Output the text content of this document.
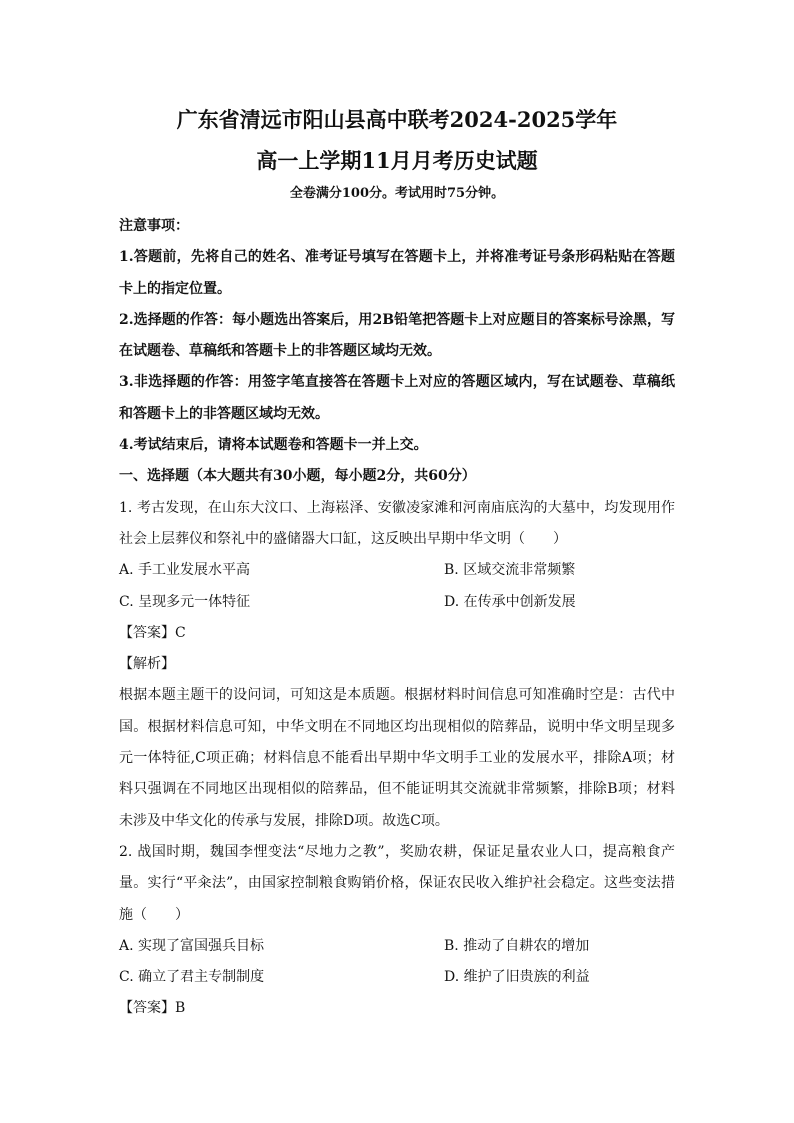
广东省清远市阳山县高中联考2024-2025学年

高一上学期11月月考历史试题

全卷满分100分。考试用时75分钟。

注意事项：

1.答题前，先将自己的姓名、准考证号填写在答题卡上，并将准考证号条形码粘贴在答题卡上的指定位置。

2.选择题的作答：每小题选出答案后，用2B铅笔把答题卡上对应题目的答案标号涂黑，写在试题卷、草稿纸和答题卡上的非答题区域均无效。

3.非选择题的作答：用签字笔直接答在答题卡上对应的答题区域内，写在试题卷、草稿纸和答题卡上的非答题区域均无效。

4.考试结束后，请将本试题卷和答题卡一并上交。

一、选择题（本大题共有30小题，每小题2分，共60分）

1. 考古发现，在山东大汶口、上海崧泽、安徽凌家滩和河南庙底沟的大墓中，均发现用作社会上层葬仪和祭礼中的盛储器大口缸，这反映出早期中华文明（　　）

A. 手工业发展水平高	B. 区域交流非常频繁
C. 呈现多元一体特征	D. 在传承中创新发展

【答案】C

【解析】

根据本题主题干的设问词，可知这是本质题。根据材料时间信息可知准确时空是：古代中国。根据材料信息可知，中华文明在不同地区均出现相似的陪葬品，说明中华文明呈现多元一体特征,C项正确；材料信息不能看出早期中华文明手工业的发展水平，排除A项；材料只强调在不同地区出现相似的陪葬品，但不能证明其交流就非常频繁，排除B项；材料未涉及中华文化的传承与发展，排除D项。故选C项。

2. 战国时期，魏国李悝变法“尽地力之教”，奖励农耕，保证足量农业人口，提高粮食产量。实行“平籴法”，由国家控制粮食购销价格，保证农民收入维护社会稳定。这些变法措施（　　）

A. 实现了富国强兵目标	B. 推动了自耕农的增加
C. 确立了君主专制制度	D. 维护了旧贵族的利益

【答案】B
